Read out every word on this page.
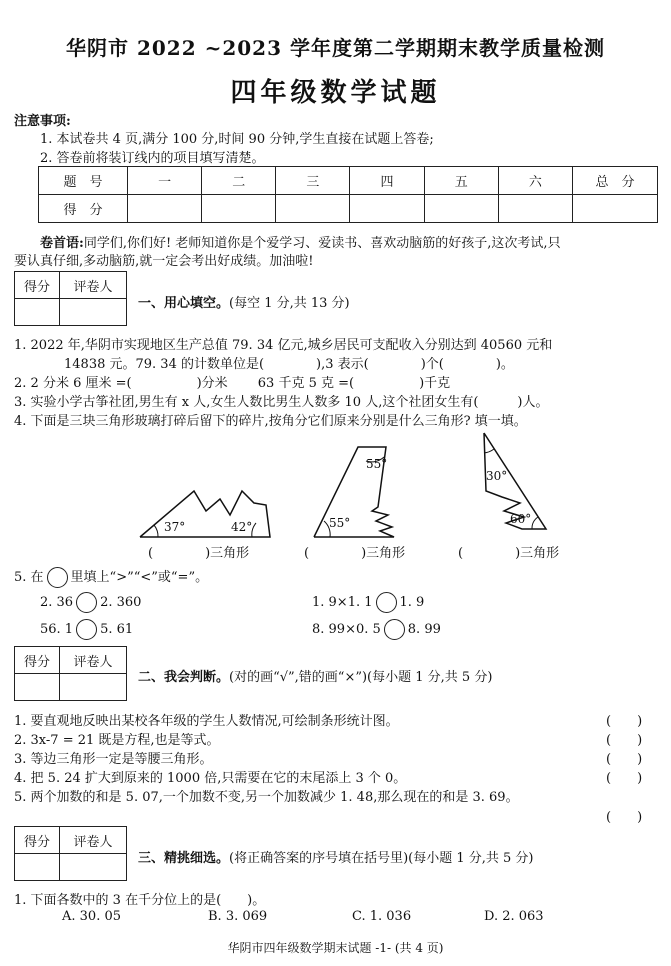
华阴市 2022 ~2023 学年度第二学期期末教学质量检测
四年级数学试题
注意事项:
1. 本试卷共 4 页,满分 100 分,时间 90 分钟,学生直接在试题上答卷;
2. 答卷前将装订线内的项目填写清楚。
题　号	一	二	三	四	五	六	总　分
得　分							
卷首语:同学们,你们好! 老师知道你是个爱学习、爱读书、喜欢动脑筋的好孩子,这次考试,只
要认真仔细,多动脑筋,就一定会考出好成绩。加油啦!
得分	评卷人

一、用心填空。(每空 1 分,共 13 分)
1. 2022 年,华阴市实现地区生产总值 79. 34 亿元,城乡居民可支配收入分别达到 40560 元和
14838 元。79. 34 的计数单位是(　　　　),3 表示(　　　　)个(　　　　)。
2. 2 分米 6 厘米 =(　　　　　)分米　　 63 千克 5 克 =(　　　　　)千克
3. 实验小学古筝社团,男生有 x 人,女生人数比男生人数多 10 人,这个社团女生有(　　　)人。
4. 下面是三块三角形玻璃打碎后留下的碎片,按角分它们原来分别是什么三角形? 填一填。
37°	42°
55°
55°
30°
60°
(　　　　)三角形	(　　　　)三角形	(　　　　)三角形
5. 在 里填上“>”“<”或“=”。
2. 36 2. 360	1. 9×1. 1 1. 9
56. 1 5. 61	8. 99×0. 5 8. 99
得分	评卷人

二、我会判断。(对的画“√”,错的画“×”)(每小题 1 分,共 5 分)
1. 要直观地反映出某校各年级的学生人数情况,可绘制条形统计图。	(　　)
2. 3x-7 = 21 既是方程,也是等式。	(　　)
3. 等边三角形一定是等腰三角形。	(　　)
4. 把 5. 24 扩大到原来的 1000 倍,只需要在它的末尾添上 3 个 0。	(　　)
5. 两个加数的和是 5. 07,一个加数不变,另一个加数减少 1. 48,那么现在的和是 3. 69。
(　　)
得分	评卷人

三、精挑细选。(将正确答案的序号填在括号里)(每小题 1 分,共 5 分)
1. 下面各数中的 3 在千分位上的是(　　)。
A. 30. 05	B. 3. 069	C. 1. 036	D. 2. 063
华阴市四年级数学期末试题 -1- (共 4 页)
